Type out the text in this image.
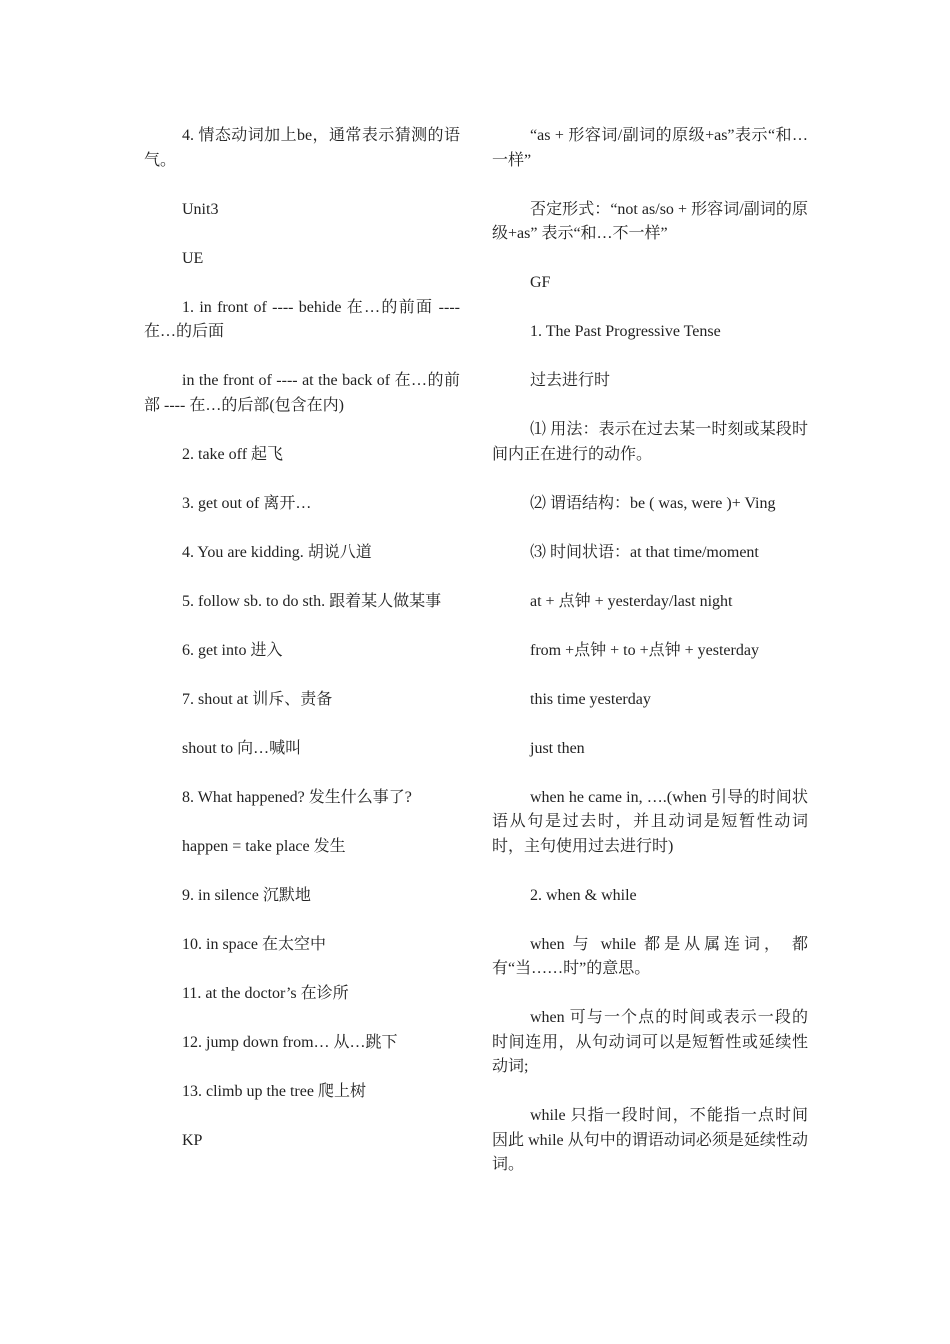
4. 情态动词加上be，通常表示猜测的语气。

Unit3

UE

1. in front of ---- behide 在…的前面 ----在…的后面

in the front of ---- at the back of 在…的前部 ---- 在…的后部(包含在内)

2. take off 起飞

3. get out of 离开…

4. You are kidding. 胡说八道

5. follow sb. to do sth. 跟着某人做某事

6. get into 进入

7. shout at 训斥、责备

shout to 向…喊叫

8. What happened? 发生什么事了?

happen = take place 发生

9. in silence 沉默地

10. in space 在太空中

11. at the doctor’s 在诊所

12. jump down from… 从…跳下

13. climb up the tree 爬上树

KP

“as + 形容词/副词的原级+as”表示“和…一样”

否定形式：“not as/so + 形容词/副词的原级+as” 表示“和…不一样”

GF

1. The Past Progressive Tense

过去进行时

⑴ 用法：表示在过去某一时刻或某段时间内正在进行的动作。

⑵ 谓语结构：be ( was, were )+ Ving

⑶ 时间状语：at that time/moment

at + 点钟 + yesterday/last night

from +点钟 + to +点钟 + yesterday

this time yesterday

just then

when he came in, ….(when 引导的时间状语从句是过去时，并且动词是短暂性动词时，主句使用过去进行时)

2. when & while

when 与 while 都是从属连词， 都有“当……时”的意思。

when 可与一个点的时间或表示一段的时间连用，从句动词可以是短暂性或延续性动词;

while 只指一段时间，不能指一点时间因此 while 从句中的谓语动词必须是延续性动词。
